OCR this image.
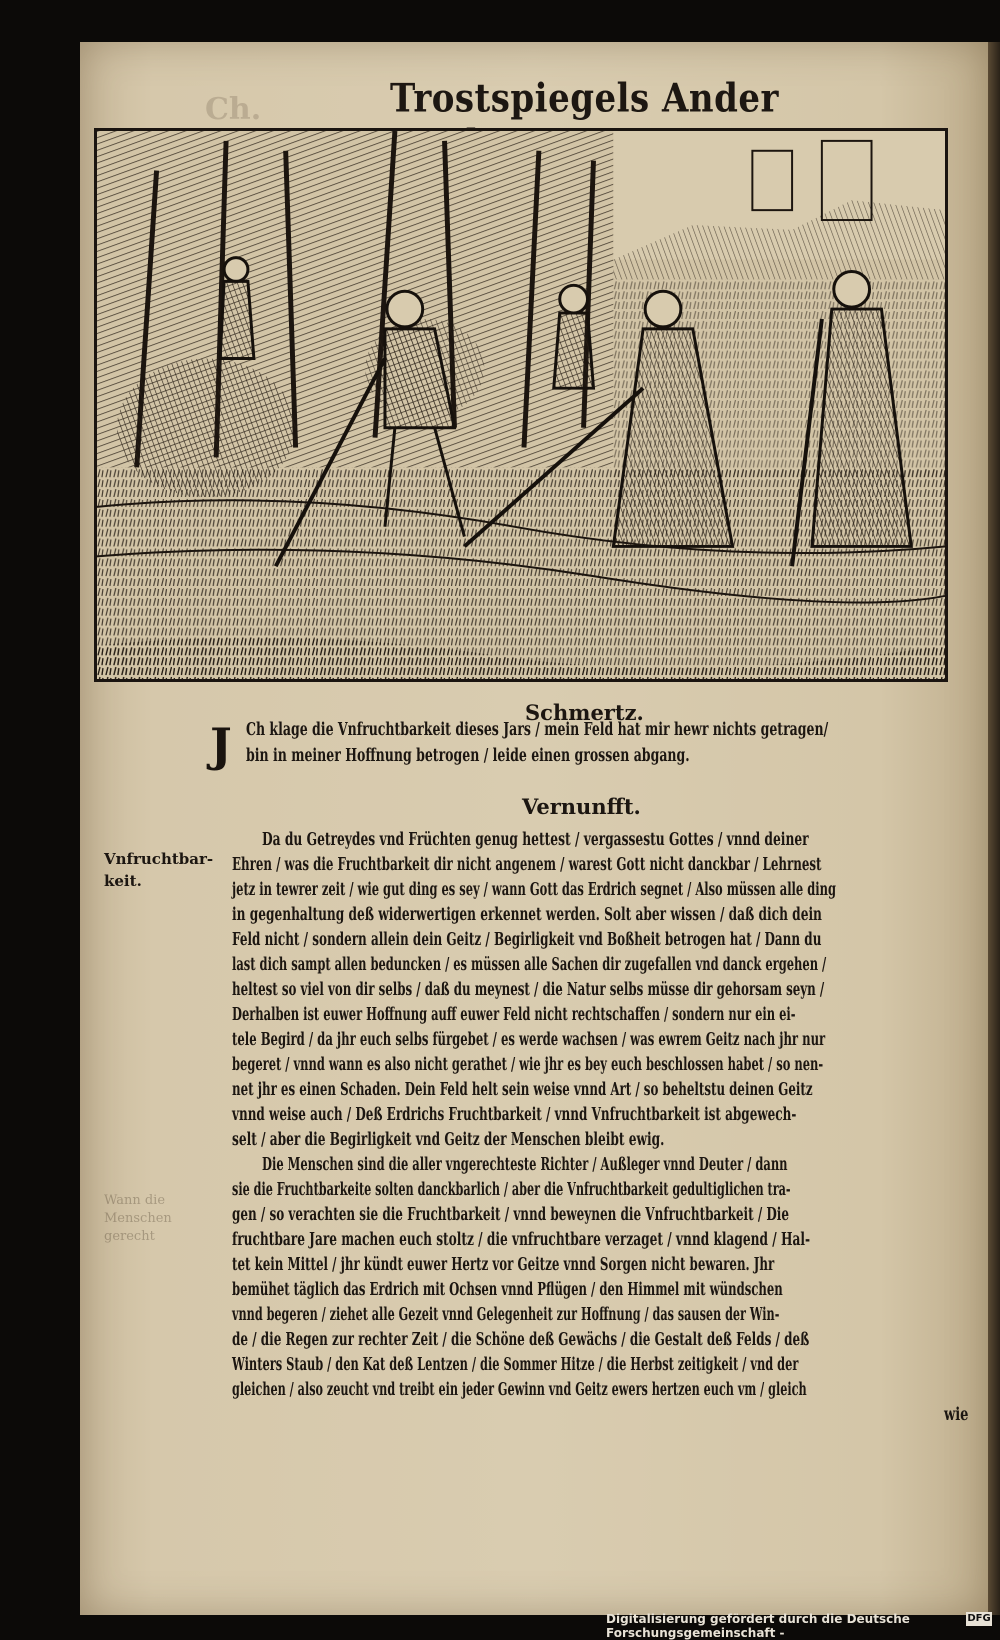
Ch.	Trostspiegels Ander
Schmertz.
J Ch klage die Vnfruchtbarkeit dieses Jars / mein Feld hat mir hewr nichts getragen/
bin in meiner Hoffnung betrogen / leide einen grossen abgang.
Vernunfft.
Vnfruchtbar-
keit.
Wann die Menschen gerecht
Da du Getreydes vnd Früchten genug hettest / vergassestu Gottes / vnnd deiner
Ehren / was die Fruchtbarkeit dir nicht angenem / warest Gott nicht danckbar / Lehrnest
jetz in tewrer zeit / wie gut ding es sey / wann Gott das Erdrich segnet / Also müssen alle ding
in gegenhaltung deß widerwertigen erkennet werden. Solt aber wissen / daß dich dein
Feld nicht / sondern allein dein Geitz / Begirligkeit vnd Boßheit betrogen hat / Dann du
last dich sampt allen beduncken / es müssen alle Sachen dir zugefallen vnd danck ergehen /
heltest so viel von dir selbs / daß du meynest / die Natur selbs müsse dir gehorsam seyn /
Derhalben ist euwer Hoffnung auff euwer Feld nicht rechtschaffen / sondern nur ein ei-
tele Begird / da jhr euch selbs fürgebet / es werde wachsen / was ewrem Geitz nach jhr nur
begeret / vnnd wann es also nicht gerathet / wie jhr es bey euch beschlossen habet / so nen-
net jhr es einen Schaden. Dein Feld helt sein weise vnnd Art / so beheltstu deinen Geitz
vnnd weise auch / Deß Erdrichs Fruchtbarkeit / vnnd Vnfruchtbarkeit ist abgewech-
selt / aber die Begirligkeit vnd Geitz der Menschen bleibt ewig.
Die Menschen sind die aller vngerechteste Richter / Außleger vnnd Deuter / dann
sie die Fruchtbarkeite solten danckbarlich / aber die Vnfruchtbarkeit gedultiglichen tra-
gen / so verachten sie die Fruchtbarkeit / vnnd beweynen die Vnfruchtbarkeit / Die
fruchtbare Jare machen euch stoltz / die vnfruchtbare verzaget / vnnd klagend / Hal-
tet kein Mittel / jhr kündt euwer Hertz vor Geitze vnnd Sorgen nicht bewaren. Jhr
bemühet täglich das Erdrich mit Ochsen vnnd Pflügen / den Himmel mit wündschen
vnnd begeren / ziehet alle Gezeit vnnd Gelegenheit zur Hoffnung / das sausen der Win-
de / die Regen zur rechter Zeit / die Schöne deß Gewächs / die Gestalt deß Felds / deß
Winters Staub / den Kat deß Lentzen / die Sommer Hitze / die Herbst zeitigkeit / vnd der
gleichen / also zeucht vnd treibt ein jeder Gewinn vnd Geitz ewers hertzen euch vm / gleich
wie
Digitalisierung gefördert durch die Deutsche Forschungsgemeinschaft -
DFG
